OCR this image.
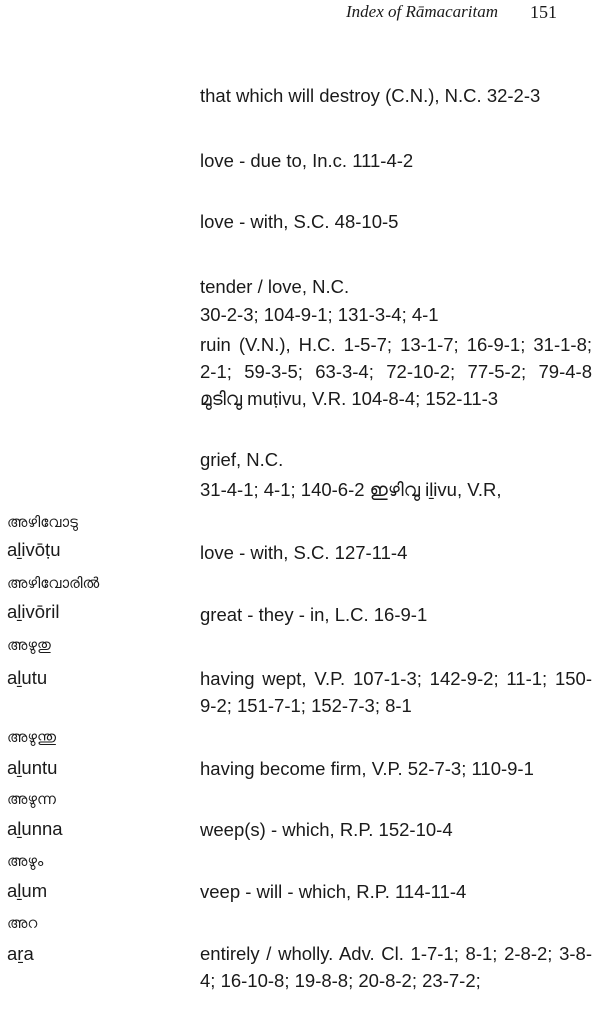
Index of Rāmacaritam 151
that which will destroy (C.N.), N.C. 32-2-3
love - due to, In.c. 111-4-2
love - with, S.C. 48-10-5
tender / love, N.C.
30-2-3; 104-9-1; 131-3-4; 4-1
ruin (V.N.), H.C. 1-5-7; 13-1-7; 16-9-1; 31-1-8; 2-1; 59-3-5; 63-3-4; 72-10-2; 77-5-2; 79-4-8 മുടിവു muṭivu, V.R. 104-8-4; 152-11-3
grief, N.C.
31-4-1; 4-1; 140-6-2 ഇഴിവു iḻivu, V.R,
അഴിവോടു
aḻivōṭu	love - with, S.C. 127-11-4
അഴിവോരിൽ
aḻivōril	great - they - in, L.C. 16-9-1
അഴുതു
aḻutu	having wept, V.P. 107-1-3; 142-9-2; 11-1; 150-9-2; 151-7-1; 152-7-3; 8-1
അഴുന്തു
aḻuntu	having become firm, V.P. 52-7-3; 110-9-1
അഴുന്ന
aḻunna	weep(s) - which, R.P. 152-10-4
അഴും
aḻum	veep - will - which, R.P. 114-11-4
അറ
aṟa	entirely / wholly. Adv. Cl. 1-7-1; 8-1; 2-8-2; 3-8-4; 16-10-8; 19-8-8; 20-8-2; 23-7-2;
